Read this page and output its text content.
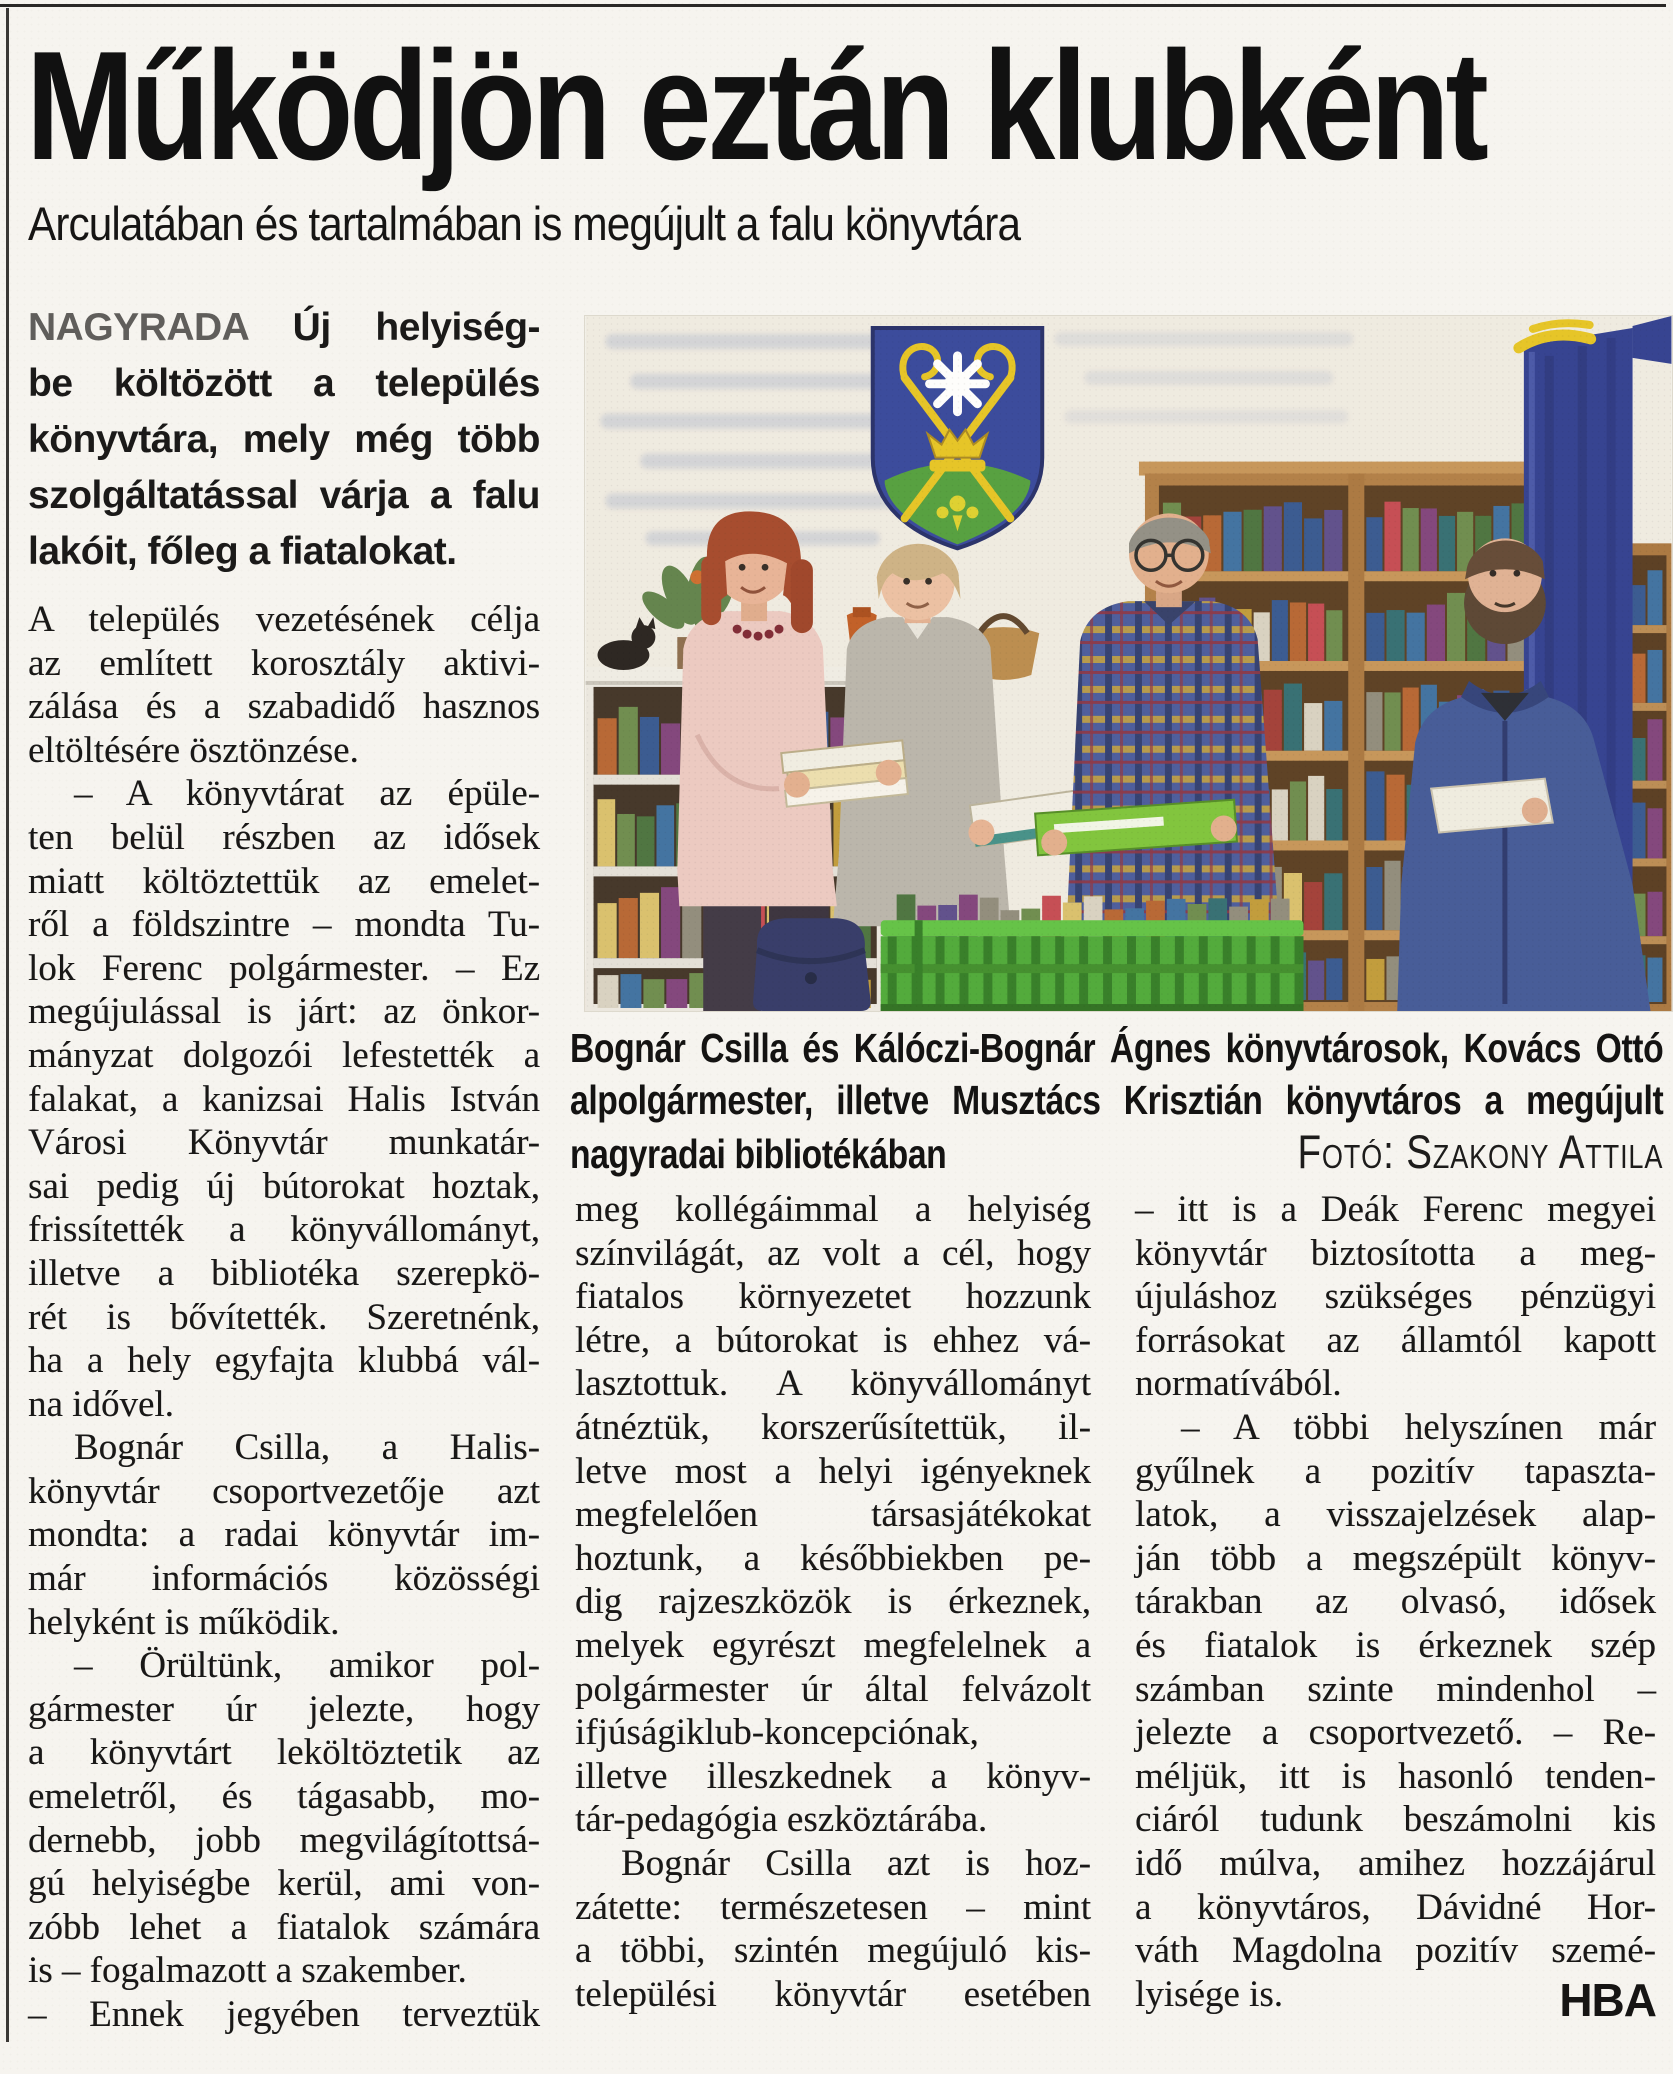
Működjön eztán klubként
Arculatában és tartalmában is megújult a falu könyvtára
NAGYRADA Új helyiség-
be költözött a település
könyvtára, mely még több
szolgáltatással várja a falu
lakóit, főleg a fiatalokat.
A település vezetésének célja
az említett korosztály aktivi-
zálása és a szabadidő hasznos
eltöltésére ösztönzése.
– A könyvtárat az épüle-
ten belül részben az idősek
miatt költöztettük az emelet-
ről a földszintre – mondta Tu-
lok Ferenc polgármester. – Ez
megújulással is járt: az önkor-
mányzat dolgozói lefestették a
falakat, a kanizsai Halis István
Városi Könyvtár munkatár-
sai pedig új bútorokat hoztak,
frissítették a könyvállományt,
illetve a bibliotéka szerepkö-
rét is bővítették. Szeretnénk,
ha a hely egyfajta klubbá vál-
na idővel.
Bognár Csilla, a Halis-
könyvtár csoportvezetője azt
mondta: a radai könyvtár im-
már információs közösségi
helyként is működik.
– Örültünk, amikor pol-
gármester úr jelezte, hogy
a könyvtárt leköltöztetik az
emeletről, és tágasabb, mo-
dernebb, jobb megvilágítottsá-
gú helyiségbe kerül, ami von-
zóbb lehet a fiatalok számára
is – fogalmazott a szakember.
– Ennek jegyében terveztük
Bognár Csilla és Kálóczi-Bognár Ágnes könyvtárosok, Kovács Ottó
alpolgármester, illetve Musztács Krisztián könyvtáros a megújult
nagyradai bibliotékában	Fotó: Szakony Attila
meg kollégáimmal a helyiség
színvilágát, az volt a cél, hogy
fiatalos környezetet hozzunk
létre, a bútorokat is ehhez vá-
lasztottuk. A könyvállományt
átnéztük, korszerűsítettük, il-
letve most a helyi igényeknek
megfelelően társasjátékokat
hoztunk, a későbbiekben pe-
dig rajzeszközök is érkeznek,
melyek egyrészt megfelelnek a
polgármester úr által felvázolt
ifjúságiklub-koncepciónak,
illetve illeszkednek a könyv-
tár-pedagógia eszköztárába.
Bognár Csilla azt is hoz-
zátette: természetesen – mint
a többi, szintén megújuló kis-
települési könyvtár esetében	HBA
– itt is a Deák Ferenc megyei
könyvtár biztosította a meg-
újuláshoz szükséges pénzügyi
forrásokat az államtól kapott
normatívából.
– A többi helyszínen már
gyűlnek a pozitív tapaszta-
latok, a visszajelzések alap-
ján több a megszépült könyv-
tárakban az olvasó, idősek
és fiatalok is érkeznek szép
számban szinte mindenhol –
jelezte a csoportvezető. – Re-
méljük, itt is hasonló tenden-
ciáról tudunk beszámolni kis
idő múlva, amihez hozzájárul
a könyvtáros, Dávidné Hor-
váth Magdolna pozitív szemé-
lyisége is.
